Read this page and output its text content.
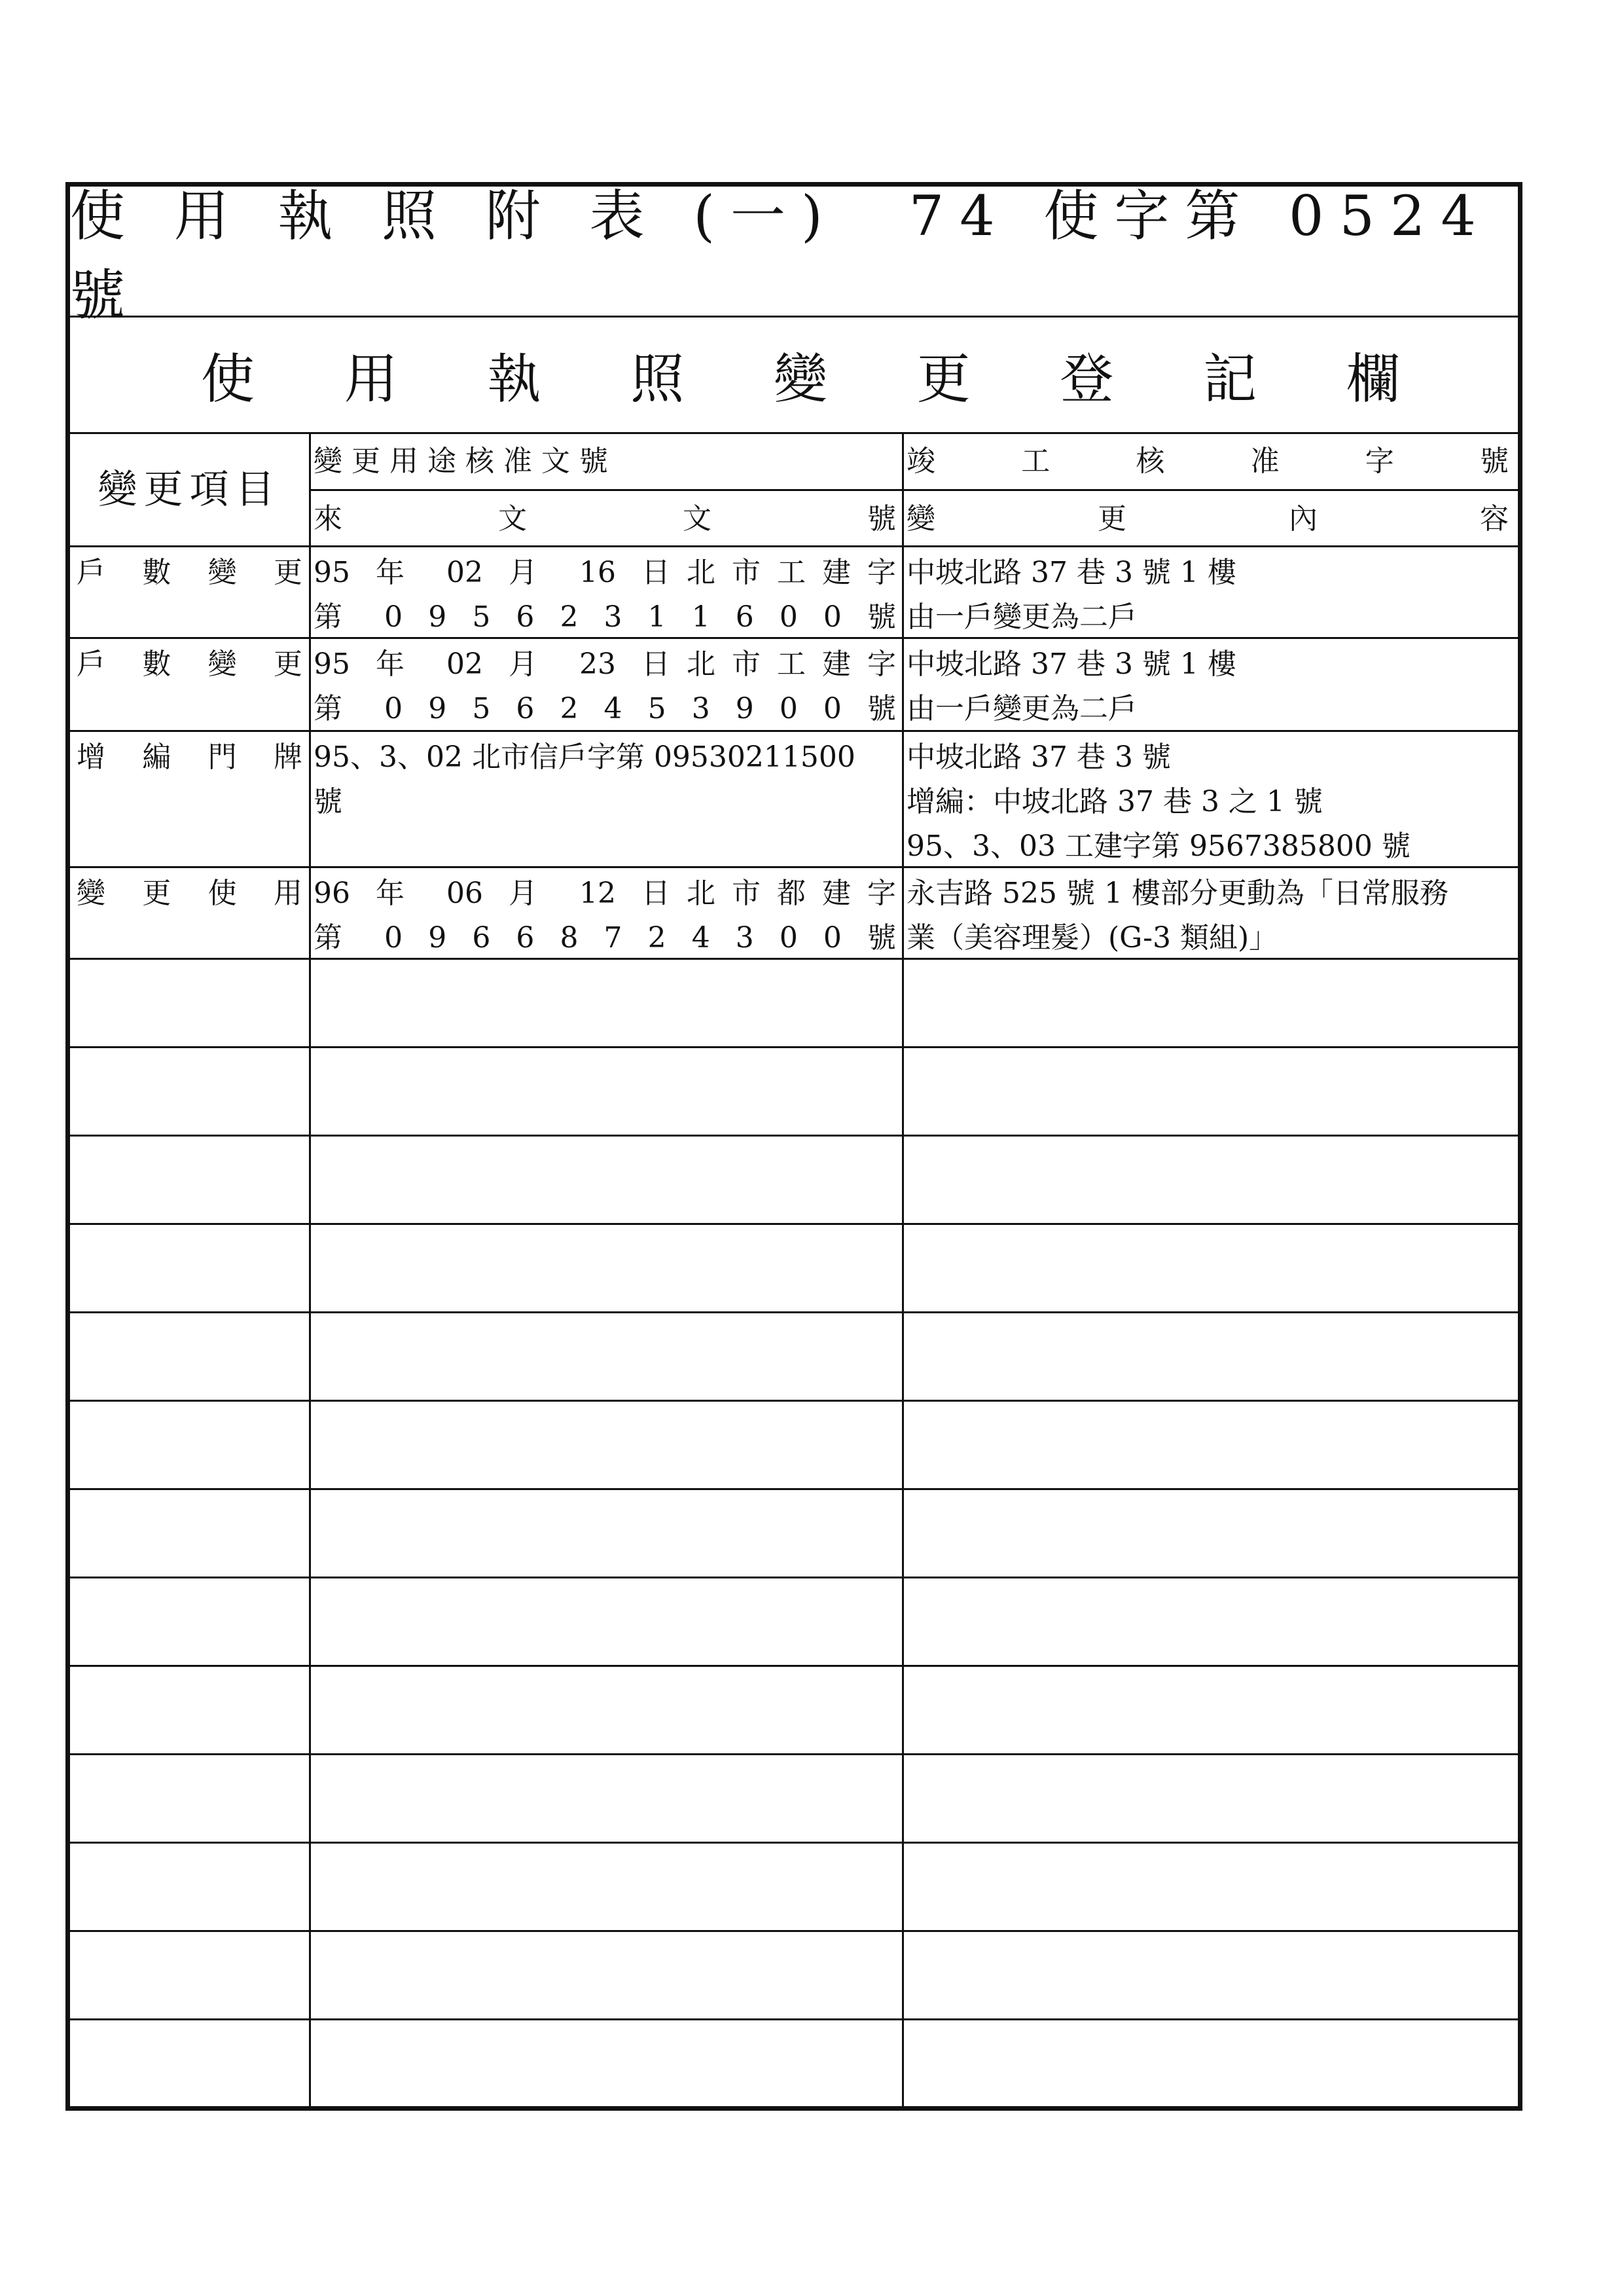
使 用 執 照 附 表 (一)　74 使字第 0524 號
使 用 執 照 變 更 登 記 欄
變更項目
變 更 用 途 核 准 文 號	竣 工 核 准 字 號
來 文 文 號 變 更 內 容
戶 數 變 更 95 年 02 月 16 日北市工建字
第 0 9 5 6 2 3 1 1 6 0 0 號
中坡北路 37 巷 3 號 1 樓
由一戶變更為二戶
戶 數 變 更 95 年 02 月 23 日北市工建字
第 0 9 5 6 2 4 5 3 9 0 0 號
中坡北路 37 巷 3 號 1 樓
由一戶變更為二戶
增 編 門 牌 95、3、02 北市信戶字第 09530211500
號
中坡北路 37 巷 3 號
增編：中坡北路 37 巷 3 之 1 號
95、3、03 工建字第 9567385800 號
變 更 使 用 96 年 06 月 12 日北市都建字
第 0 9 6 6 8 7 2 4 3 0 0 號
永吉路 525 號 1 樓部分更動為「日常服務
業（美容理髮）(G-3 類組)」
